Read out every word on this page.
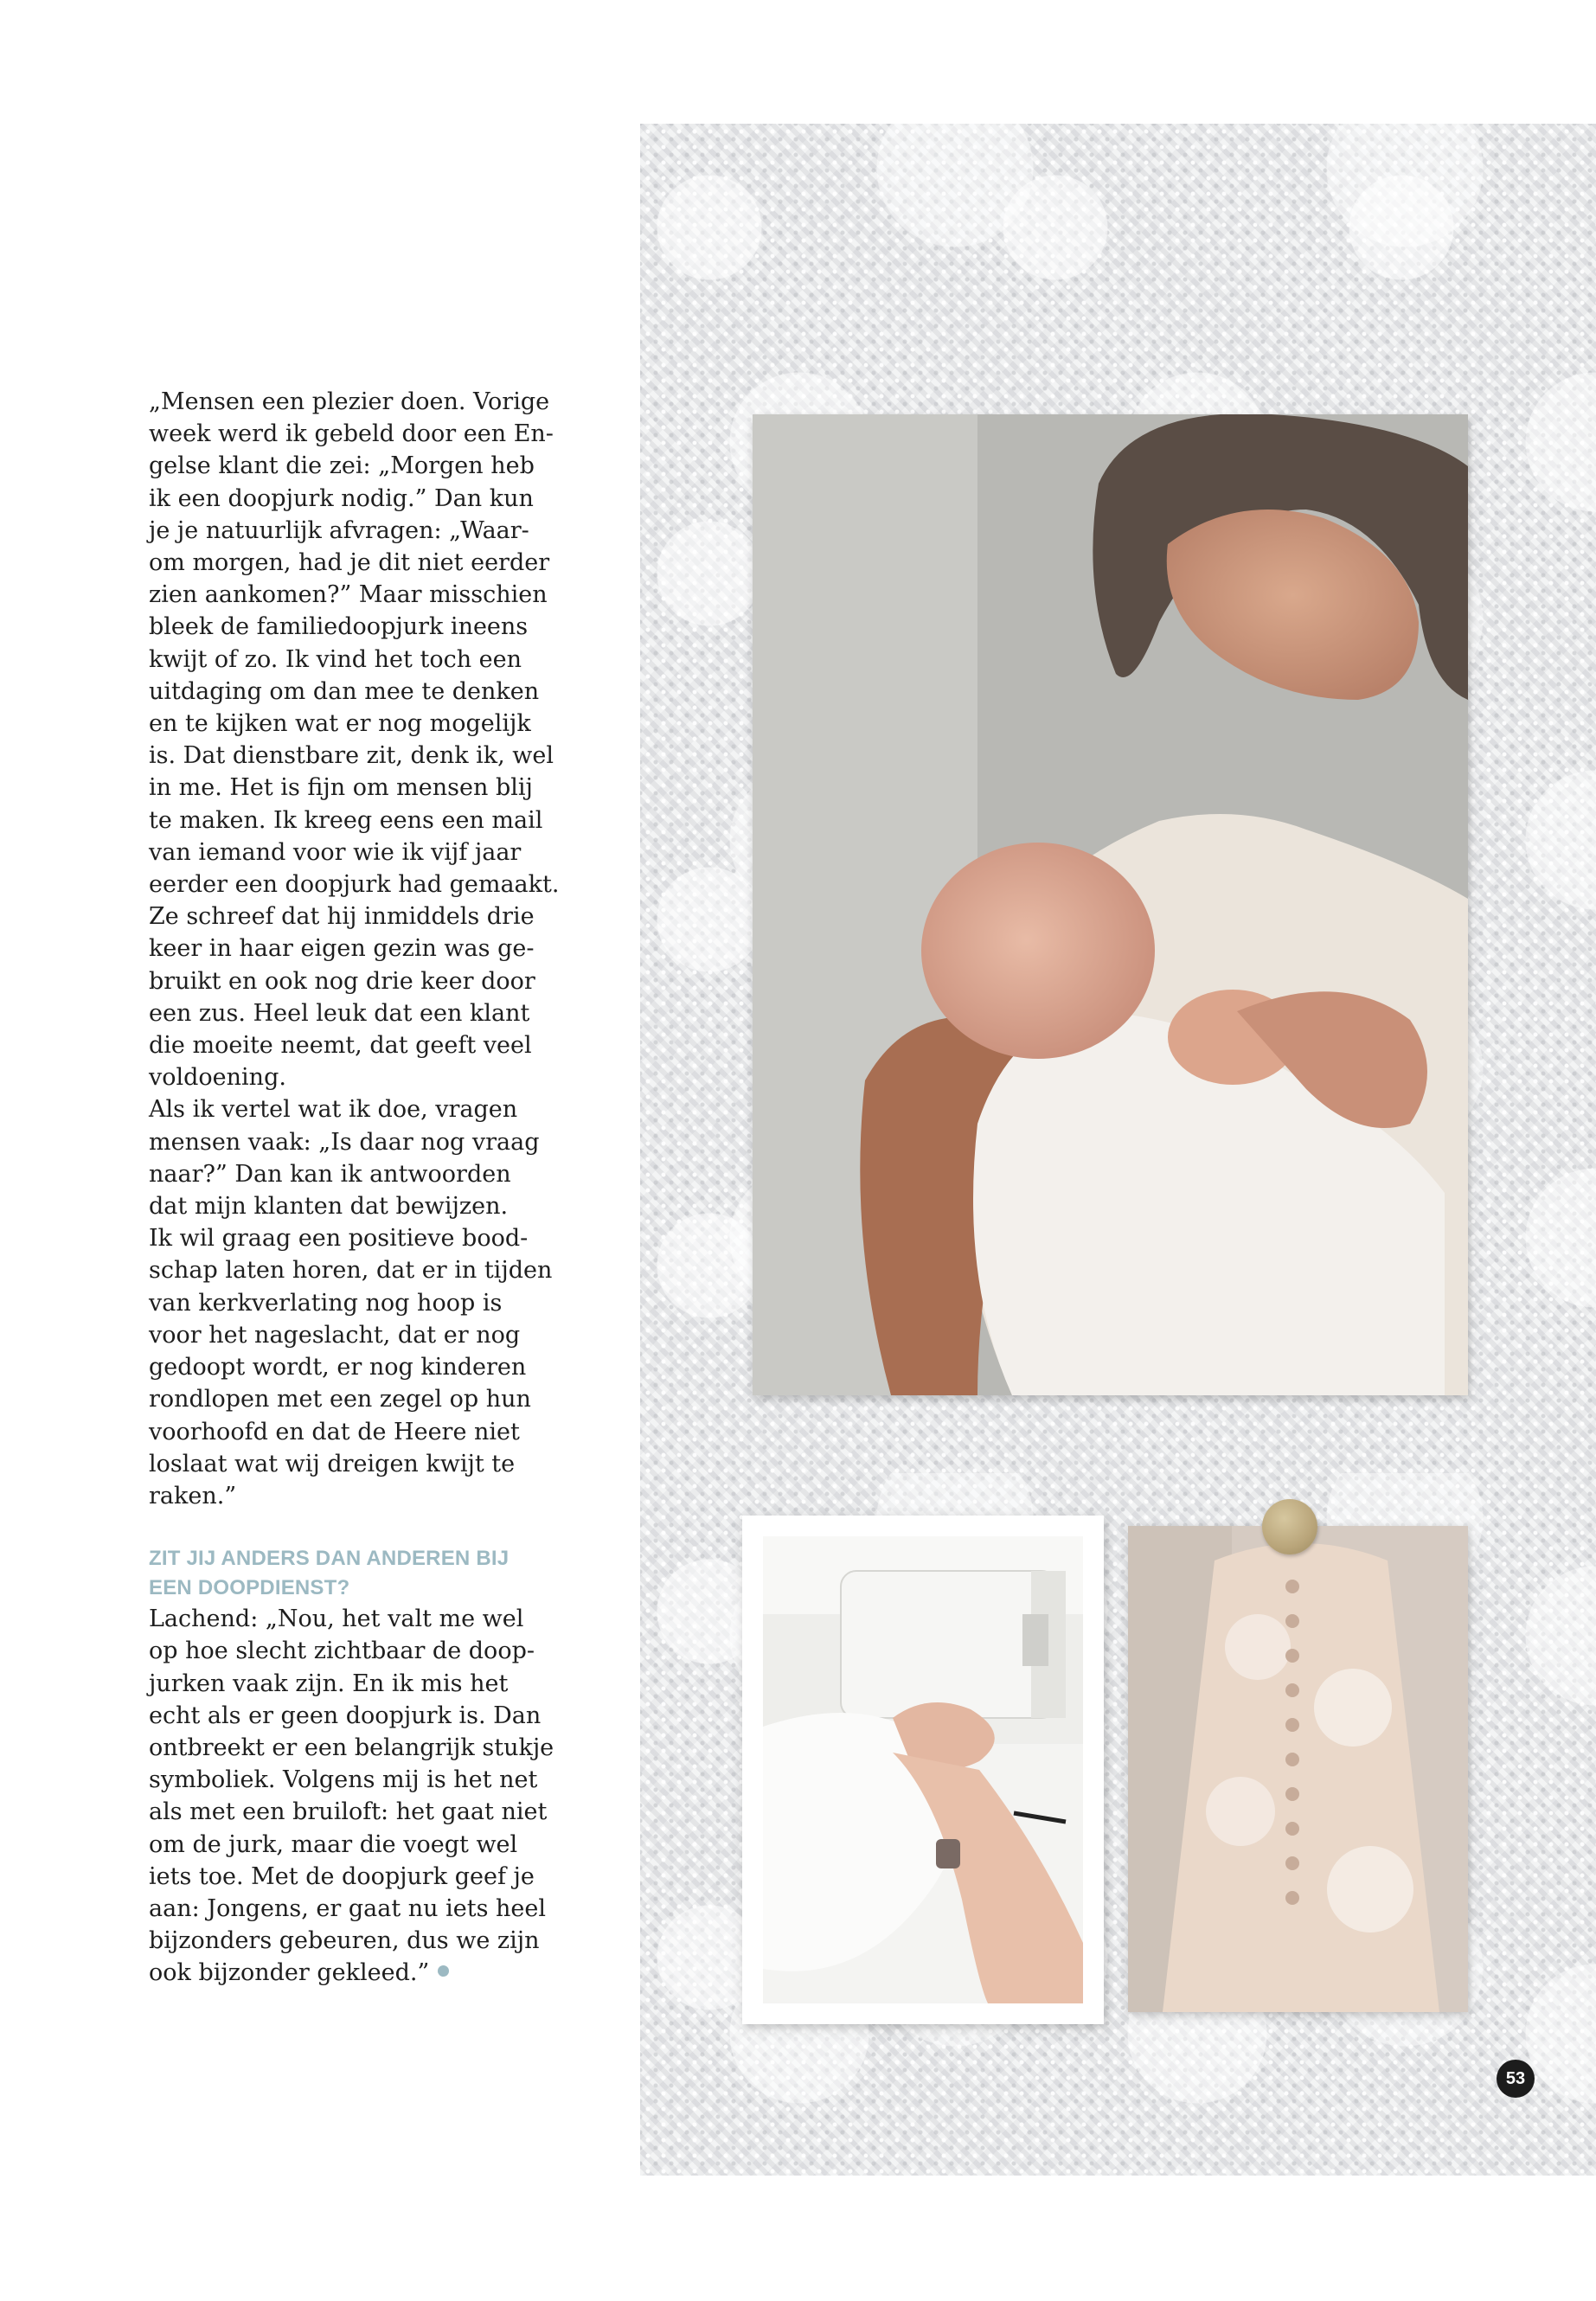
„Mensen een plezier doen. Vorige
week werd ik gebeld door een En-
gelse klant die zei: „Morgen heb
ik een doopjurk nodig.” Dan kun
je je natuurlijk afvragen: „Waar-
om morgen, had je dit niet eerder
zien aankomen?” Maar misschien
bleek de familiedoopjurk ineens
kwijt of zo. Ik vind het toch een
uitdaging om dan mee te denken
en te kijken wat er nog mogelijk
is. Dat dienstbare zit, denk ik, wel
in me. Het is fijn om mensen blij
te maken. Ik kreeg eens een mail
van iemand voor wie ik vijf jaar
eerder een doopjurk had gemaakt.
Ze schreef dat hij inmiddels drie
keer in haar eigen gezin was ge-
bruikt en ook nog drie keer door
een zus. Heel leuk dat een klant
die moeite neemt, dat geeft veel
voldoening.
Als ik vertel wat ik doe, vragen
mensen vaak: „Is daar nog vraag
naar?” Dan kan ik antwoorden
dat mijn klanten dat bewijzen.
Ik wil graag een positieve bood-
schap laten horen, dat er in tijden
van kerkverlating nog hoop is
voor het nageslacht, dat er nog
gedoopt wordt, er nog kinderen
rondlopen met een zegel op hun
voorhoofd en dat de Heere niet
loslaat wat wij dreigen kwijt te
raken.”
ZIT JIJ ANDERS DAN ANDEREN BIJ
EEN DOOPDIENST?
Lachend: „Nou, het valt me wel
op hoe slecht zichtbaar de doop-
jurken vaak zijn. En ik mis het
echt als er geen doopjurk is. Dan
ontbreekt er een belangrijk stukje
symboliek. Volgens mij is het net
als met een bruiloft: het gaat niet
om de jurk, maar die voegt wel
iets toe. Met de doopjurk geef je
aan: Jongens, er gaat nu iets heel
bijzonders gebeuren, dus we zijn
ook bijzonder gekleed.”
53
